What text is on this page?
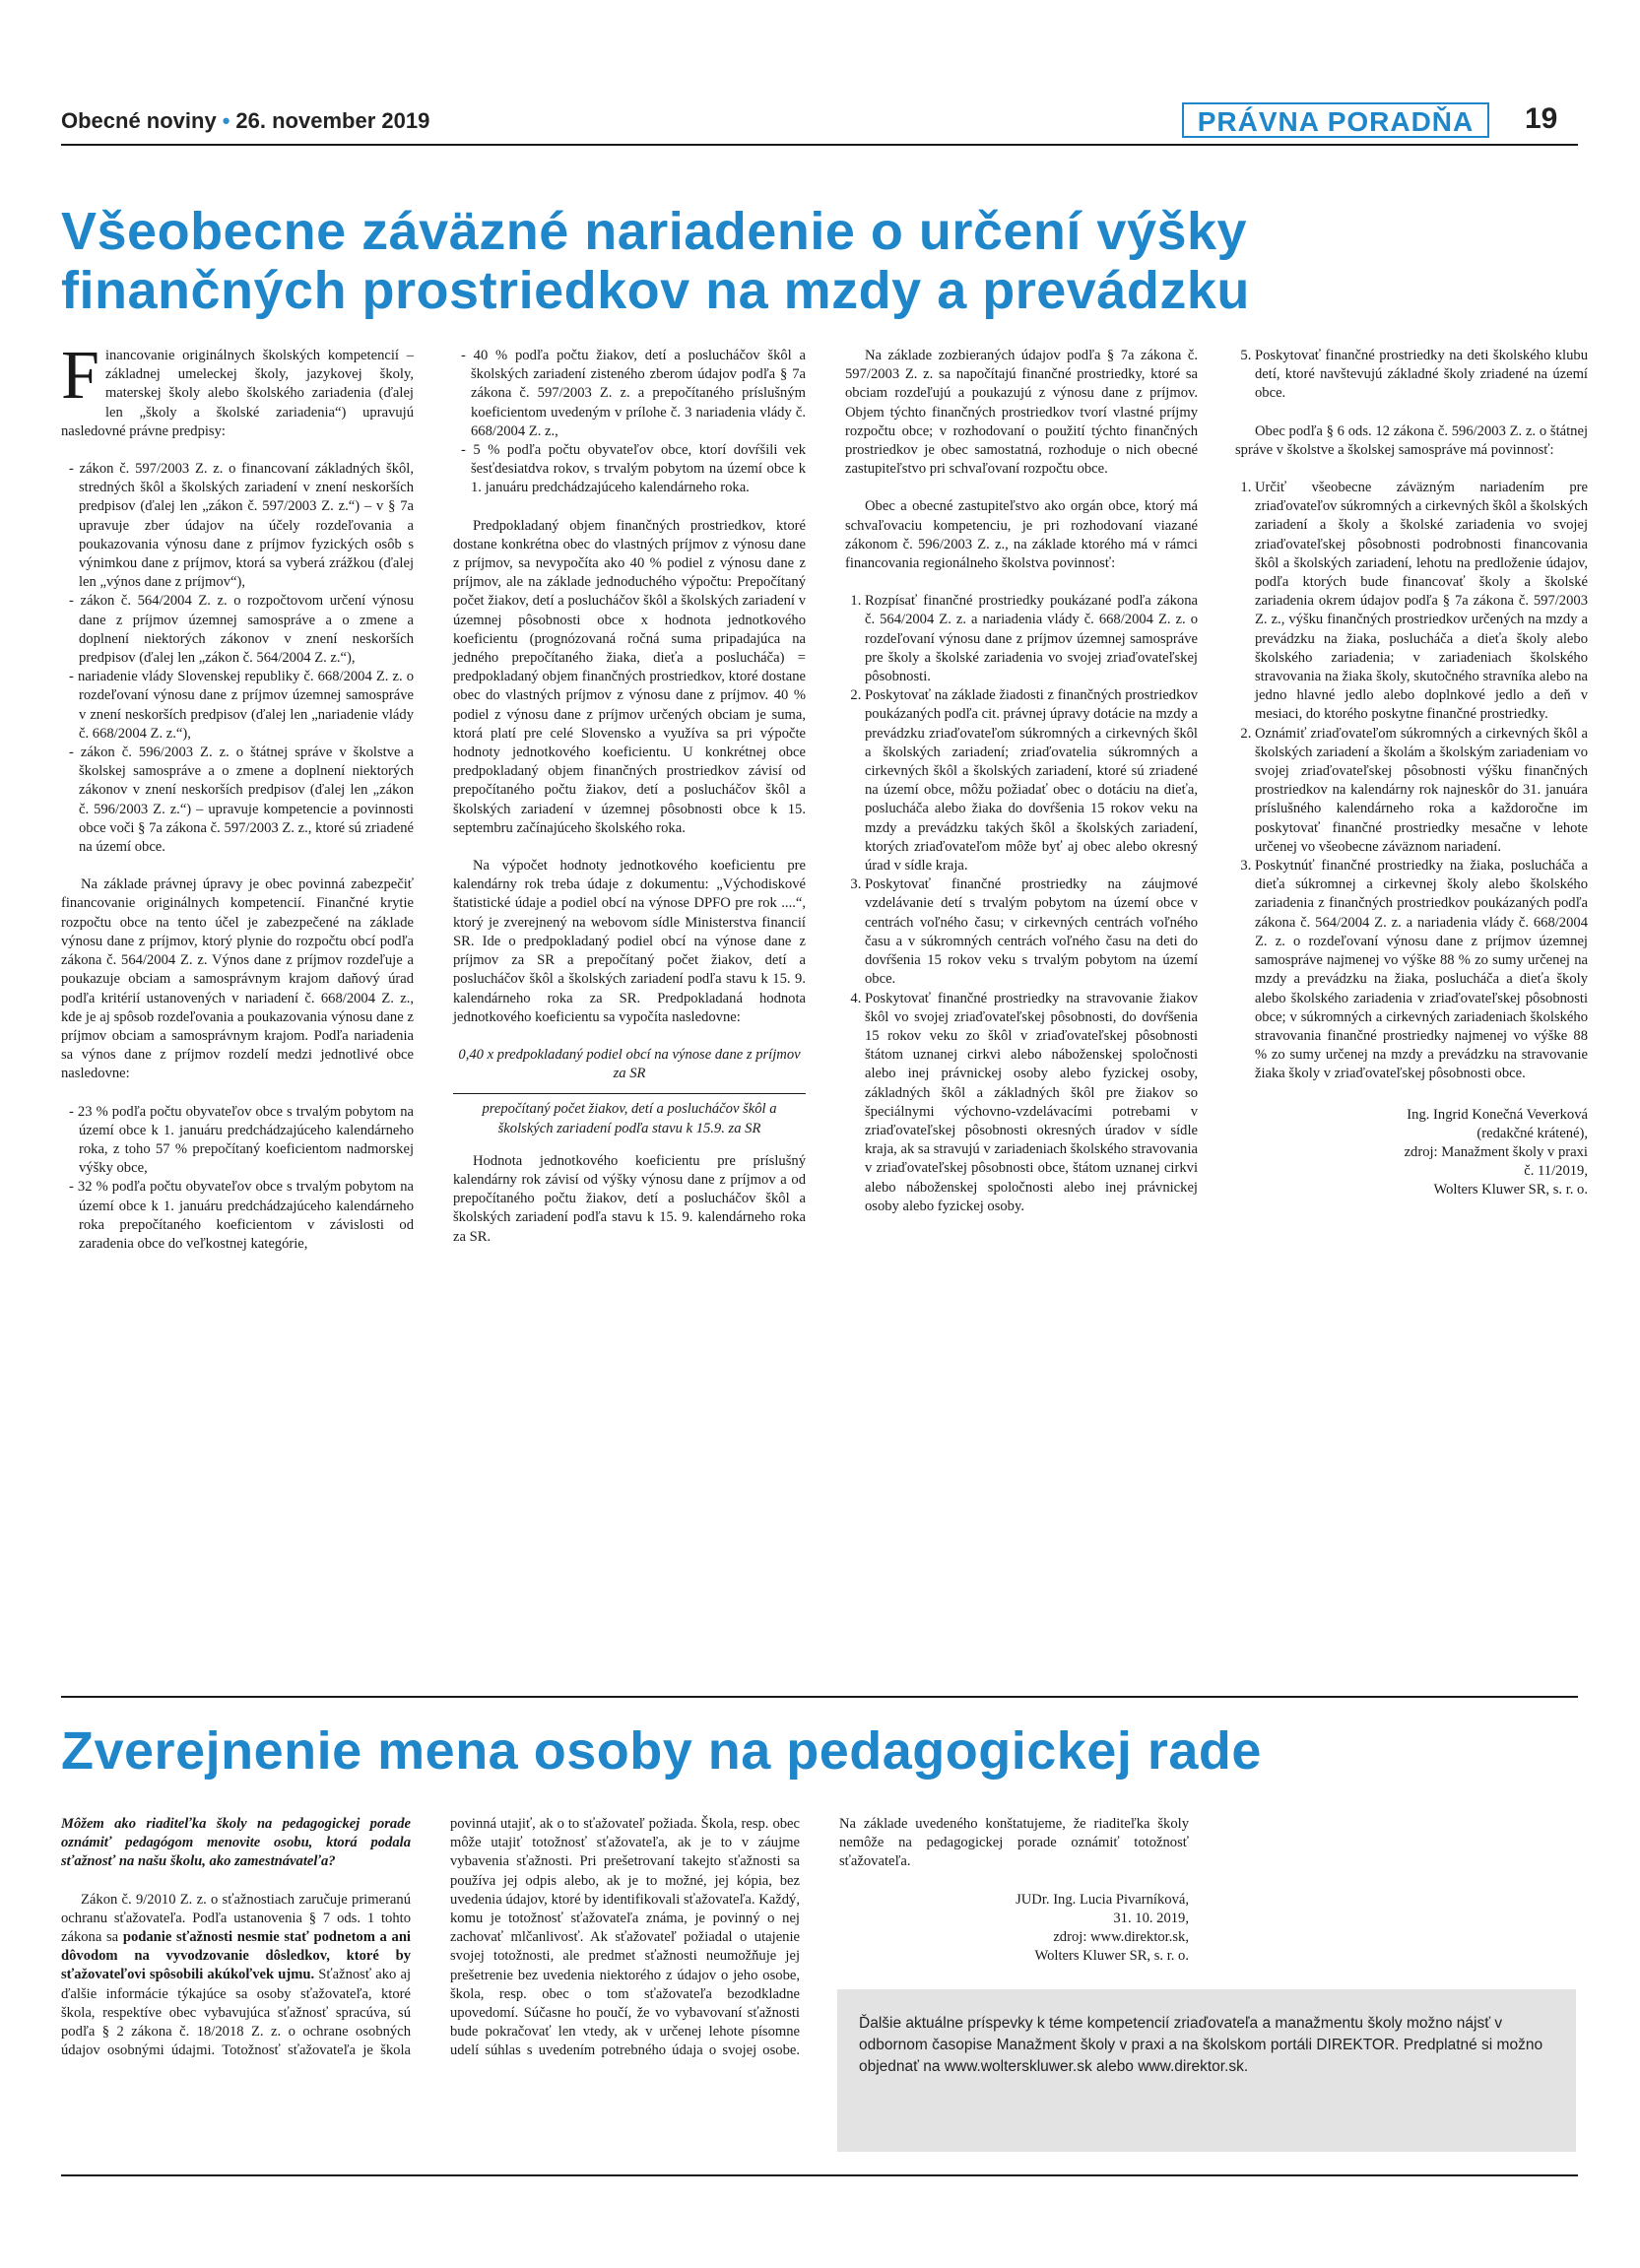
Obecné noviny • 26. november 2019	PRÁVNA PORADŇA	19
Všeobecne záväzné nariadenie o určení výšky finančných prostriedkov na mzdy a prevádzku

Financovanie originálnych školských kompetencií – základnej umeleckej školy, jazykovej školy, materskej školy alebo školského zariadenia (ďalej len „školy a školské zariadenia“) upravujú nasledovné právne predpisy:

- zákon č. 597/2003 Z. z. o financovaní základných škôl, stredných škôl a školských zariadení v znení neskorších predpisov (ďalej len „zákon č. 597/2003 Z. z.“) – v § 7a upravuje zber údajov na účely rozdeľovania a poukazovania výnosu dane z príjmov fyzických osôb s výnimkou dane z príjmov, ktorá sa vyberá zrážkou (ďalej len „výnos dane z príjmov“),
- zákon č. 564/2004 Z. z. o rozpočtovom určení výnosu dane z príjmov územnej samospráve a o zmene a doplnení niektorých zákonov v znení neskorších predpisov (ďalej len „zákon č. 564/2004 Z. z.“),
- nariadenie vlády Slovenskej republiky č. 668/2004 Z. z. o rozdeľovaní výnosu dane z príjmov územnej samospráve v znení neskorších predpisov (ďalej len „nariadenie vlády č. 668/2004 Z. z.“),
- zákon č. 596/2003 Z. z. o štátnej správe v školstve a školskej samospráve a o zmene a doplnení niektorých zákonov v znení neskorších predpisov (ďalej len „zákon č. 596/2003 Z. z.“) – upravuje kompetencie a povinnosti obce voči § 7a zákona č. 597/2003 Z. z., ktoré sú zriadené na území obce.

Na základe právnej úpravy je obec povinná zabezpečiť financovanie originálnych kompetencií. Finančné krytie rozpočtu obce na tento účel je zabezpečené na základe výnosu dane z príjmov, ktorý plynie do rozpočtu obcí podľa zákona č. 564/2004 Z. z. Výnos dane z príjmov rozdeľuje a poukazuje obciam a samosprávnym krajom daňový úrad podľa kritérií ustanovených v nariadení č. 668/2004 Z. z., kde je aj spôsob rozdeľovania a poukazovania výnosu dane z príjmov obciam a samosprávnym krajom. Podľa nariadenia sa výnos dane z príjmov rozdelí medzi jednotlivé obce nasledovne:

- 23 % podľa počtu obyvateľov obce s trvalým pobytom na území obce k 1. januáru predchádzajúceho kalendárneho roka, z toho 57 % prepočítaný koeficientom nadmorskej výšky obce,
- 32 % podľa počtu obyvateľov obce s trvalým pobytom na území obce k 1. januáru predchádzajúceho kalendárneho roka prepočítaného koeficientom v závislosti od zaradenia obce do veľkostnej kategórie,
- 40 % podľa počtu žiakov, detí a poslucháčov škôl a školských zariadení zisteného zberom údajov podľa § 7a zákona č. 597/2003 Z. z. a prepočítaného príslušným koeficientom uvedeným v prílohe č. 3 nariadenia vlády č. 668/2004 Z. z.,
- 5 % podľa počtu obyvateľov obce, ktorí dovŕšili vek šesťdesiatdva rokov, s trvalým pobytom na území obce k 1. januáru predchádzajúceho kalendárneho roka.

Predpokladaný objem finančných prostriedkov, ktoré dostane konkrétna obec do vlastných príjmov z výnosu dane z príjmov, sa nevypočíta ako 40 % podiel z výnosu dane z príjmov, ale na základe jednoduchého výpočtu: Prepočítaný počet žiakov, detí a poslucháčov škôl a školských zariadení v územnej pôsobnosti obce x hodnota jednotkového koeficientu (prognózovaná ročná suma pripadajúca na jedného prepočítaného žiaka, dieťa a poslucháča) = predpokladaný objem finančných prostriedkov, ktoré dostane obec do vlastných príjmov z výnosu dane z príjmov. 40 % podiel z výnosu dane z príjmov určených obciam je suma, ktorá platí pre celé Slovensko a využíva sa pri výpočte hodnoty jednotkového koeficientu. U konkrétnej obce predpokladaný objem finančných prostriedkov závisí od prepočítaného počtu žiakov, detí a poslucháčov škôl a školských zariadení v územnej pôsobnosti obce k 15. septembru začínajúceho školského roka.

Na výpočet hodnoty jednotkového koeficientu pre kalendárny rok treba údaje z dokumentu: „Východiskové štatistické údaje a podiel obcí na výnose DPFO pre rok ....“, ktorý je zverejnený na webovom sídle Ministerstva financií SR. Ide o predpokladaný podiel obcí na výnose dane z príjmov za SR a prepočítaný počet žiakov, detí a poslucháčov škôl a školských zariadení podľa stavu k 15. 9. kalendárneho roka za SR. Predpokladaná hodnota jednotkového koeficientu sa vypočíta nasledovne:

0,40 x predpokladaný podiel obcí na výnose dane z príjmov za SR
prepočítaný počet žiakov, detí a poslucháčov škôl a školských zariadení podľa stavu k 15.9. za SR

Hodnota jednotkového koeficientu pre príslušný kalendárny rok závisí od výšky výnosu dane z príjmov a od prepočítaného počtu žiakov, detí a poslucháčov škôl a školských zariadení podľa stavu k 15. 9. kalendárneho roka za SR.

Na základe zozbieraných údajov podľa § 7a zákona č. 597/2003 Z. z. sa napočítajú finančné prostriedky, ktoré sa obciam rozdeľujú a poukazujú z výnosu dane z príjmov. Objem týchto finančných prostriedkov tvorí vlastné príjmy rozpočtu obce; v rozhodovaní o použití týchto finančných prostriedkov je obec samostatná, rozhoduje o nich obecné zastupiteľstvo pri schvaľovaní rozpočtu obce.

Obec a obecné zastupiteľstvo ako orgán obce, ktorý má schvaľovaciu kompetenciu, je pri rozhodovaní viazané zákonom č. 596/2003 Z. z., na základe ktorého má v rámci financovania regionálneho školstva povinnosť:

1. Rozpísať finančné prostriedky poukázané podľa zákona č. 564/2004 Z. z. a nariadenia vlády č. 668/2004 Z. z. o rozdeľovaní výnosu dane z príjmov územnej samospráve pre školy a školské zariadenia vo svojej zriaďovateľskej pôsobnosti.
2. Poskytovať na základe žiadosti z finančných prostriedkov poukázaných podľa cit. právnej úpravy dotácie na mzdy a prevádzku zriaďovateľom súkromných a cirkevných škôl a školských zariadení; zriaďovatelia súkromných a cirkevných škôl a školských zariadení, ktoré sú zriadené na území obce, môžu požiadať obec o dotáciu na dieťa, poslucháča alebo žiaka do dovŕšenia 15 rokov veku na mzdy a prevádzku takých škôl a školských zariadení, ktorých zriaďovateľom môže byť aj obec alebo okresný úrad v sídle kraja.
3. Poskytovať finančné prostriedky na záujmové vzdelávanie detí s trvalým pobytom na území obce v centrách voľného času; v cirkevných centrách voľného času a v súkromných centrách voľného času na deti do dovŕšenia 15 rokov veku s trvalým pobytom na území obce.
4. Poskytovať finančné prostriedky na stravovanie žiakov škôl vo svojej zriaďovateľskej pôsobnosti, do dovŕšenia 15 rokov veku zo škôl v zriaďovateľskej pôsobnosti štátom uznanej cirkvi alebo náboženskej spoločnosti alebo inej právnickej osoby alebo fyzickej osoby, základných škôl a základných škôl pre žiakov so špeciálnymi výchovno-vzdelávacími potrebami v zriaďovateľskej pôsobnosti okresných úradov v sídle kraja, ak sa stravujú v zariadeniach školského stravovania v zriaďovateľskej pôsobnosti obce, štátom uznanej cirkvi alebo náboženskej spoločnosti alebo inej právnickej osoby alebo fyzickej osoby.
5. Poskytovať finančné prostriedky na deti školského klubu detí, ktoré navštevujú základné školy zriadené na území obce.

Obec podľa § 6 ods. 12 zákona č. 596/2003 Z. z. o štátnej správe v školstve a školskej samospráve má povinnosť:

1. Určiť všeobecne záväzným nariadením pre zriaďovateľov súkromných a cirkevných škôl a školských zariadení a školy a školské zariadenia vo svojej zriaďovateľskej pôsobnosti podrobnosti financovania škôl a školských zariadení, lehotu na predloženie údajov, podľa ktorých bude financovať školy a školské zariadenia okrem údajov podľa § 7a zákona č. 597/2003 Z. z., výšku finančných prostriedkov určených na mzdy a prevádzku na žiaka, poslucháča a dieťa školy alebo školského zariadenia; v zariadeniach školského stravovania na žiaka školy, skutočného stravníka alebo na jedno hlavné jedlo alebo doplnkové jedlo a deň v mesiaci, do ktorého poskytne finančné prostriedky.
2. Oznámiť zriaďovateľom súkromných a cirkevných škôl a školských zariadení a školám a školským zariadeniam vo svojej zriaďovateľskej pôsobnosti výšku finančných prostriedkov na kalendárny rok najneskôr do 31. januára príslušného kalendárneho roka a každoročne im poskytovať finančné prostriedky mesačne v lehote určenej vo všeobecne záväznom nariadení.
3. Poskytnúť finančné prostriedky na žiaka, poslucháča a dieťa súkromnej a cirkevnej školy alebo školského zariadenia z finančných prostriedkov poukázaných podľa zákona č. 564/2004 Z. z. a nariadenia vlády č. 668/2004 Z. z. o rozdeľovaní výnosu dane z príjmov územnej samospráve najmenej vo výške 88 % zo sumy určenej na mzdy a prevádzku na žiaka, poslucháča a dieťa školy alebo školského zariadenia v zriaďovateľskej pôsobnosti obce; v súkromných a cirkevných zariadeniach školského stravovania finančné prostriedky najmenej vo výške 88 % zo sumy určenej na mzdy a prevádzku na stravovanie žiaka školy v zriaďovateľskej pôsobnosti obce.
Ing. Ingrid Konečná Veverková
(redakčné krátené),
zdroj: Manažment školy v praxi
č. 11/2019,
Wolters Kluwer SR, s. r. o.
Zverejnenie mena osoby na pedagogickej rade

Môžem ako riaditeľka školy na pedagogickej porade oznámiť pedagógom menovite osobu, ktorá podala sťažnosť na našu školu, ako zamestnávateľa?

Zákon č. 9/2010 Z. z. o sťažnostiach zaručuje primeranú ochranu sťažovateľa. Podľa ustanovenia § 7 ods. 1 tohto zákona sa podanie sťažnosti nesmie stať podnetom a ani dôvodom na vyvodzovanie dôsledkov, ktoré by sťažovateľovi spôsobili akúkoľvek ujmu. Sťažnosť ako aj ďalšie informácie týkajúce sa osoby sťažovateľa, ktoré škola, respektíve obec vybavujúca sťažnosť spracúva, sú podľa § 2 zákona č. 18/2018 Z. z. o ochrane osobných údajov osobnými údajmi. Totožnosť sťažovateľa je škola povinná utajiť, ak o to sťažovateľ požiada. Škola, resp. obec môže utajiť totožnosť sťažovateľa, ak je to v záujme vybavenia sťažnosti. Pri prešetrovaní takejto sťažnosti sa používa jej odpis alebo, ak je to možné, jej kópia, bez uvedenia údajov, ktoré by identifikovali sťažovateľa. Každý, komu je totožnosť sťažovateľa známa, je povinný o nej zachovať mlčanlivosť. Ak sťažovateľ požiadal o utajenie svojej totožnosti, ale predmet sťažnosti neumožňuje jej prešetrenie bez uvedenia niektorého z údajov o jeho osobe, škola, resp. obec o tom sťažovateľa bezodkladne upovedomí. Súčasne ho poučí, že vo vybavovaní sťažnosti bude pokračovať len vtedy, ak v určenej lehote písomne udelí súhlas s uvedením potrebného údaja o svojej osobe. Na základe uvedeného konštatujeme, že riaditeľka školy nemôže na pedagogickej porade oznámiť totožnosť sťažovateľa.

JUDr. Ing. Lucia Pivarníková,
31. 10. 2019,
zdroj: www.direktor.sk,
Wolters Kluwer SR, s. r. o.
Ďalšie aktuálne príspevky k téme kompetencií zriaďovateľa a manažmentu školy možno nájsť v odbornom časopise Manažment školy v praxi a na školskom portáli DIREKTOR. Predplatné si možno objednať na www.wolterskluwer.sk alebo www.direktor.sk.
